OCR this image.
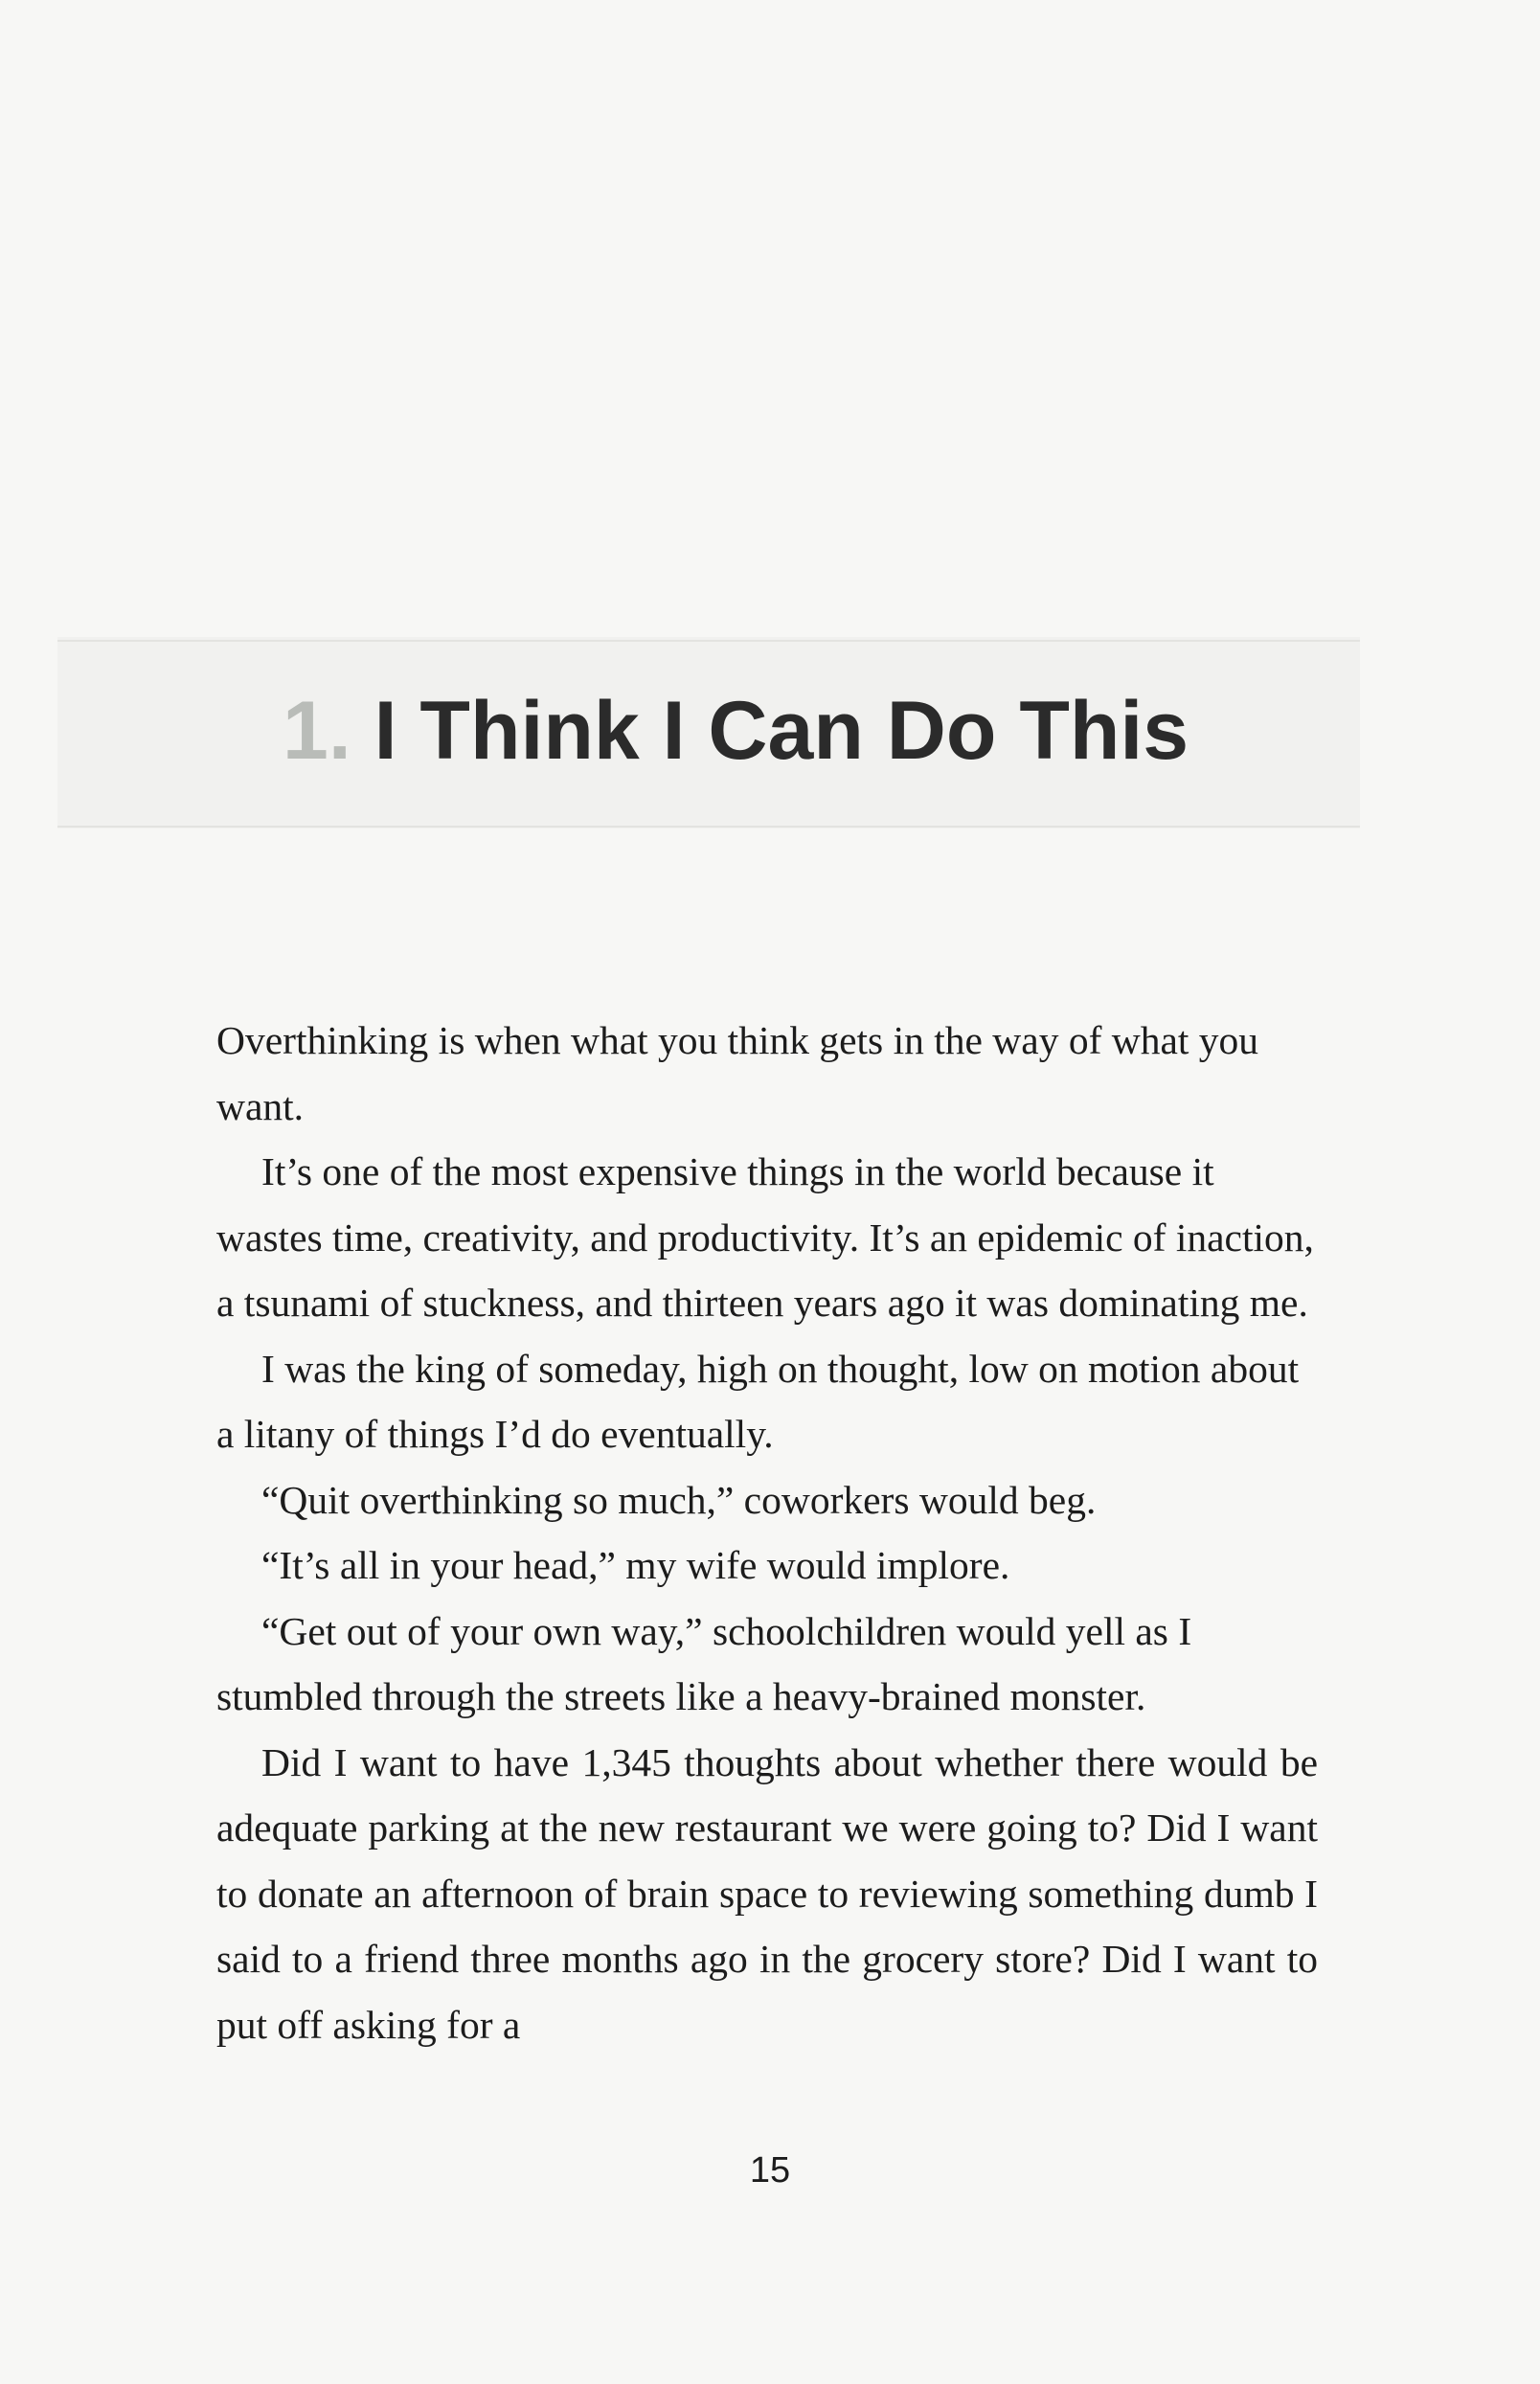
1. I Think I Can Do This

Overthinking is when what you think gets in the way of what you want.

It’s one of the most expensive things in the world because it wastes time, creativity, and productivity. It’s an epidemic of inaction, a tsunami of stuckness, and thirteen years ago it was dominating me.

I was the king of someday, high on thought, low on motion about a litany of things I’d do eventually.

“Quit overthinking so much,” coworkers would beg.

“It’s all in your head,” my wife would implore.

“Get out of your own way,” schoolchildren would yell as I stumbled through the streets like a heavy-brained monster.

Did I want to have 1,345 thoughts about whether there would be adequate parking at the new restaurant we were going to? Did I want to donate an afternoon of brain space to reviewing something dumb I said to a friend three months ago in the grocery store? Did I want to put off asking for a

15
